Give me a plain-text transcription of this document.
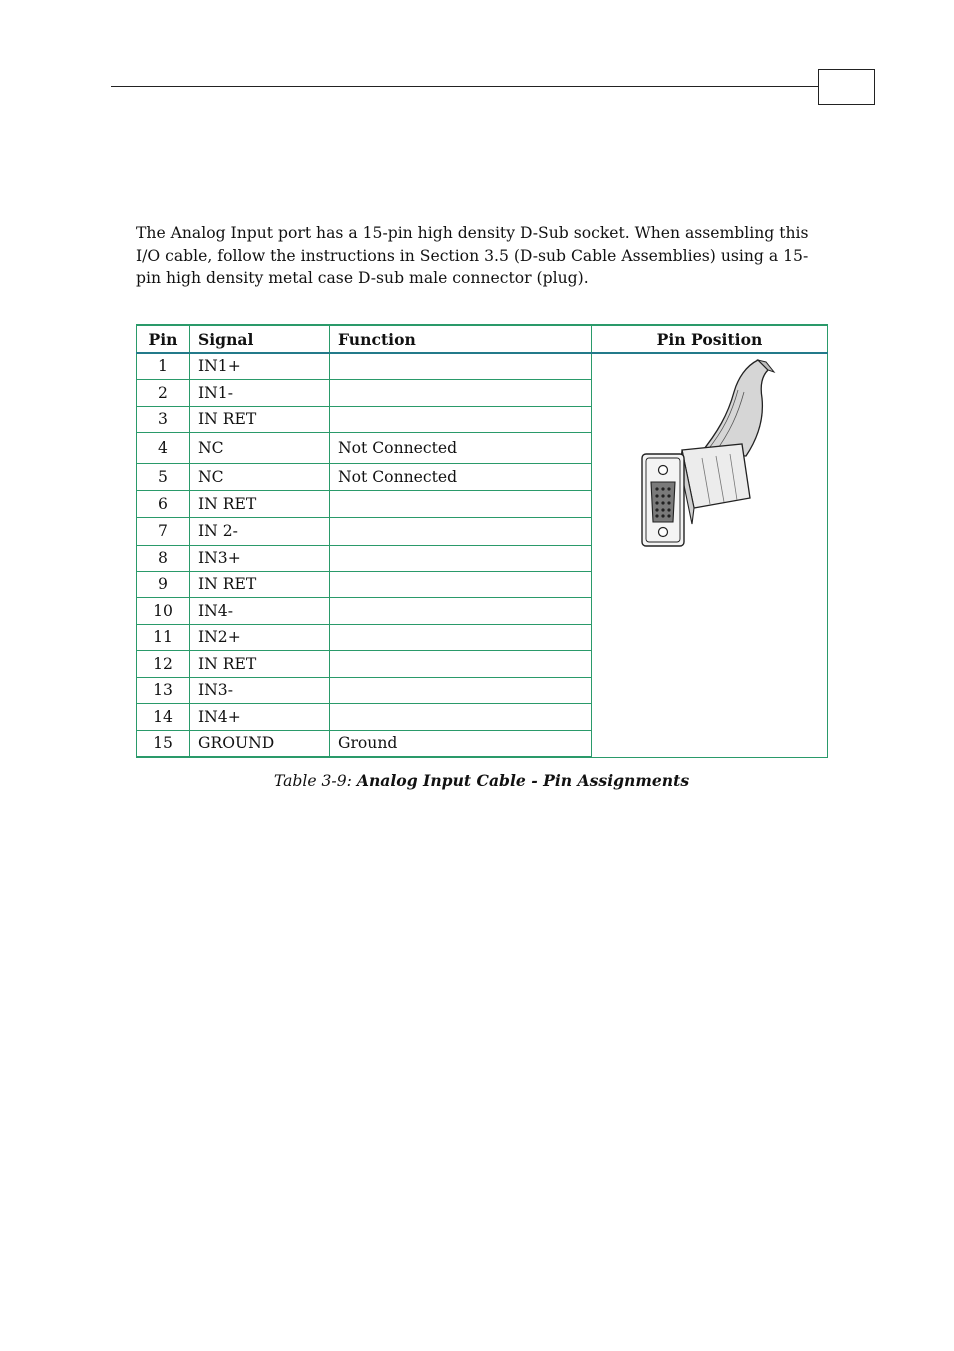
The Analog Input port has a 15-pin high density D-Sub socket. When assembling this I/O cable, follow the instructions in Section 3.5 (D-sub Cable Assemblies) using a 15-pin high density metal case D-sub male connector (plug).

Pin	Signal	Function	Pin Position
1	IN1+		

2	IN1-		
3	IN RET		
4	NC	Not Connected	
5	NC	Not Connected	
6	IN RET		
7	IN 2-		
8	IN3+		
9	IN RET		
10	IN4-		
11	IN2+		
12	IN RET		
13	IN3-		
14	IN4+		
15	GROUND	Ground	

Table 3-9: Analog Input Cable - Pin Assignments
